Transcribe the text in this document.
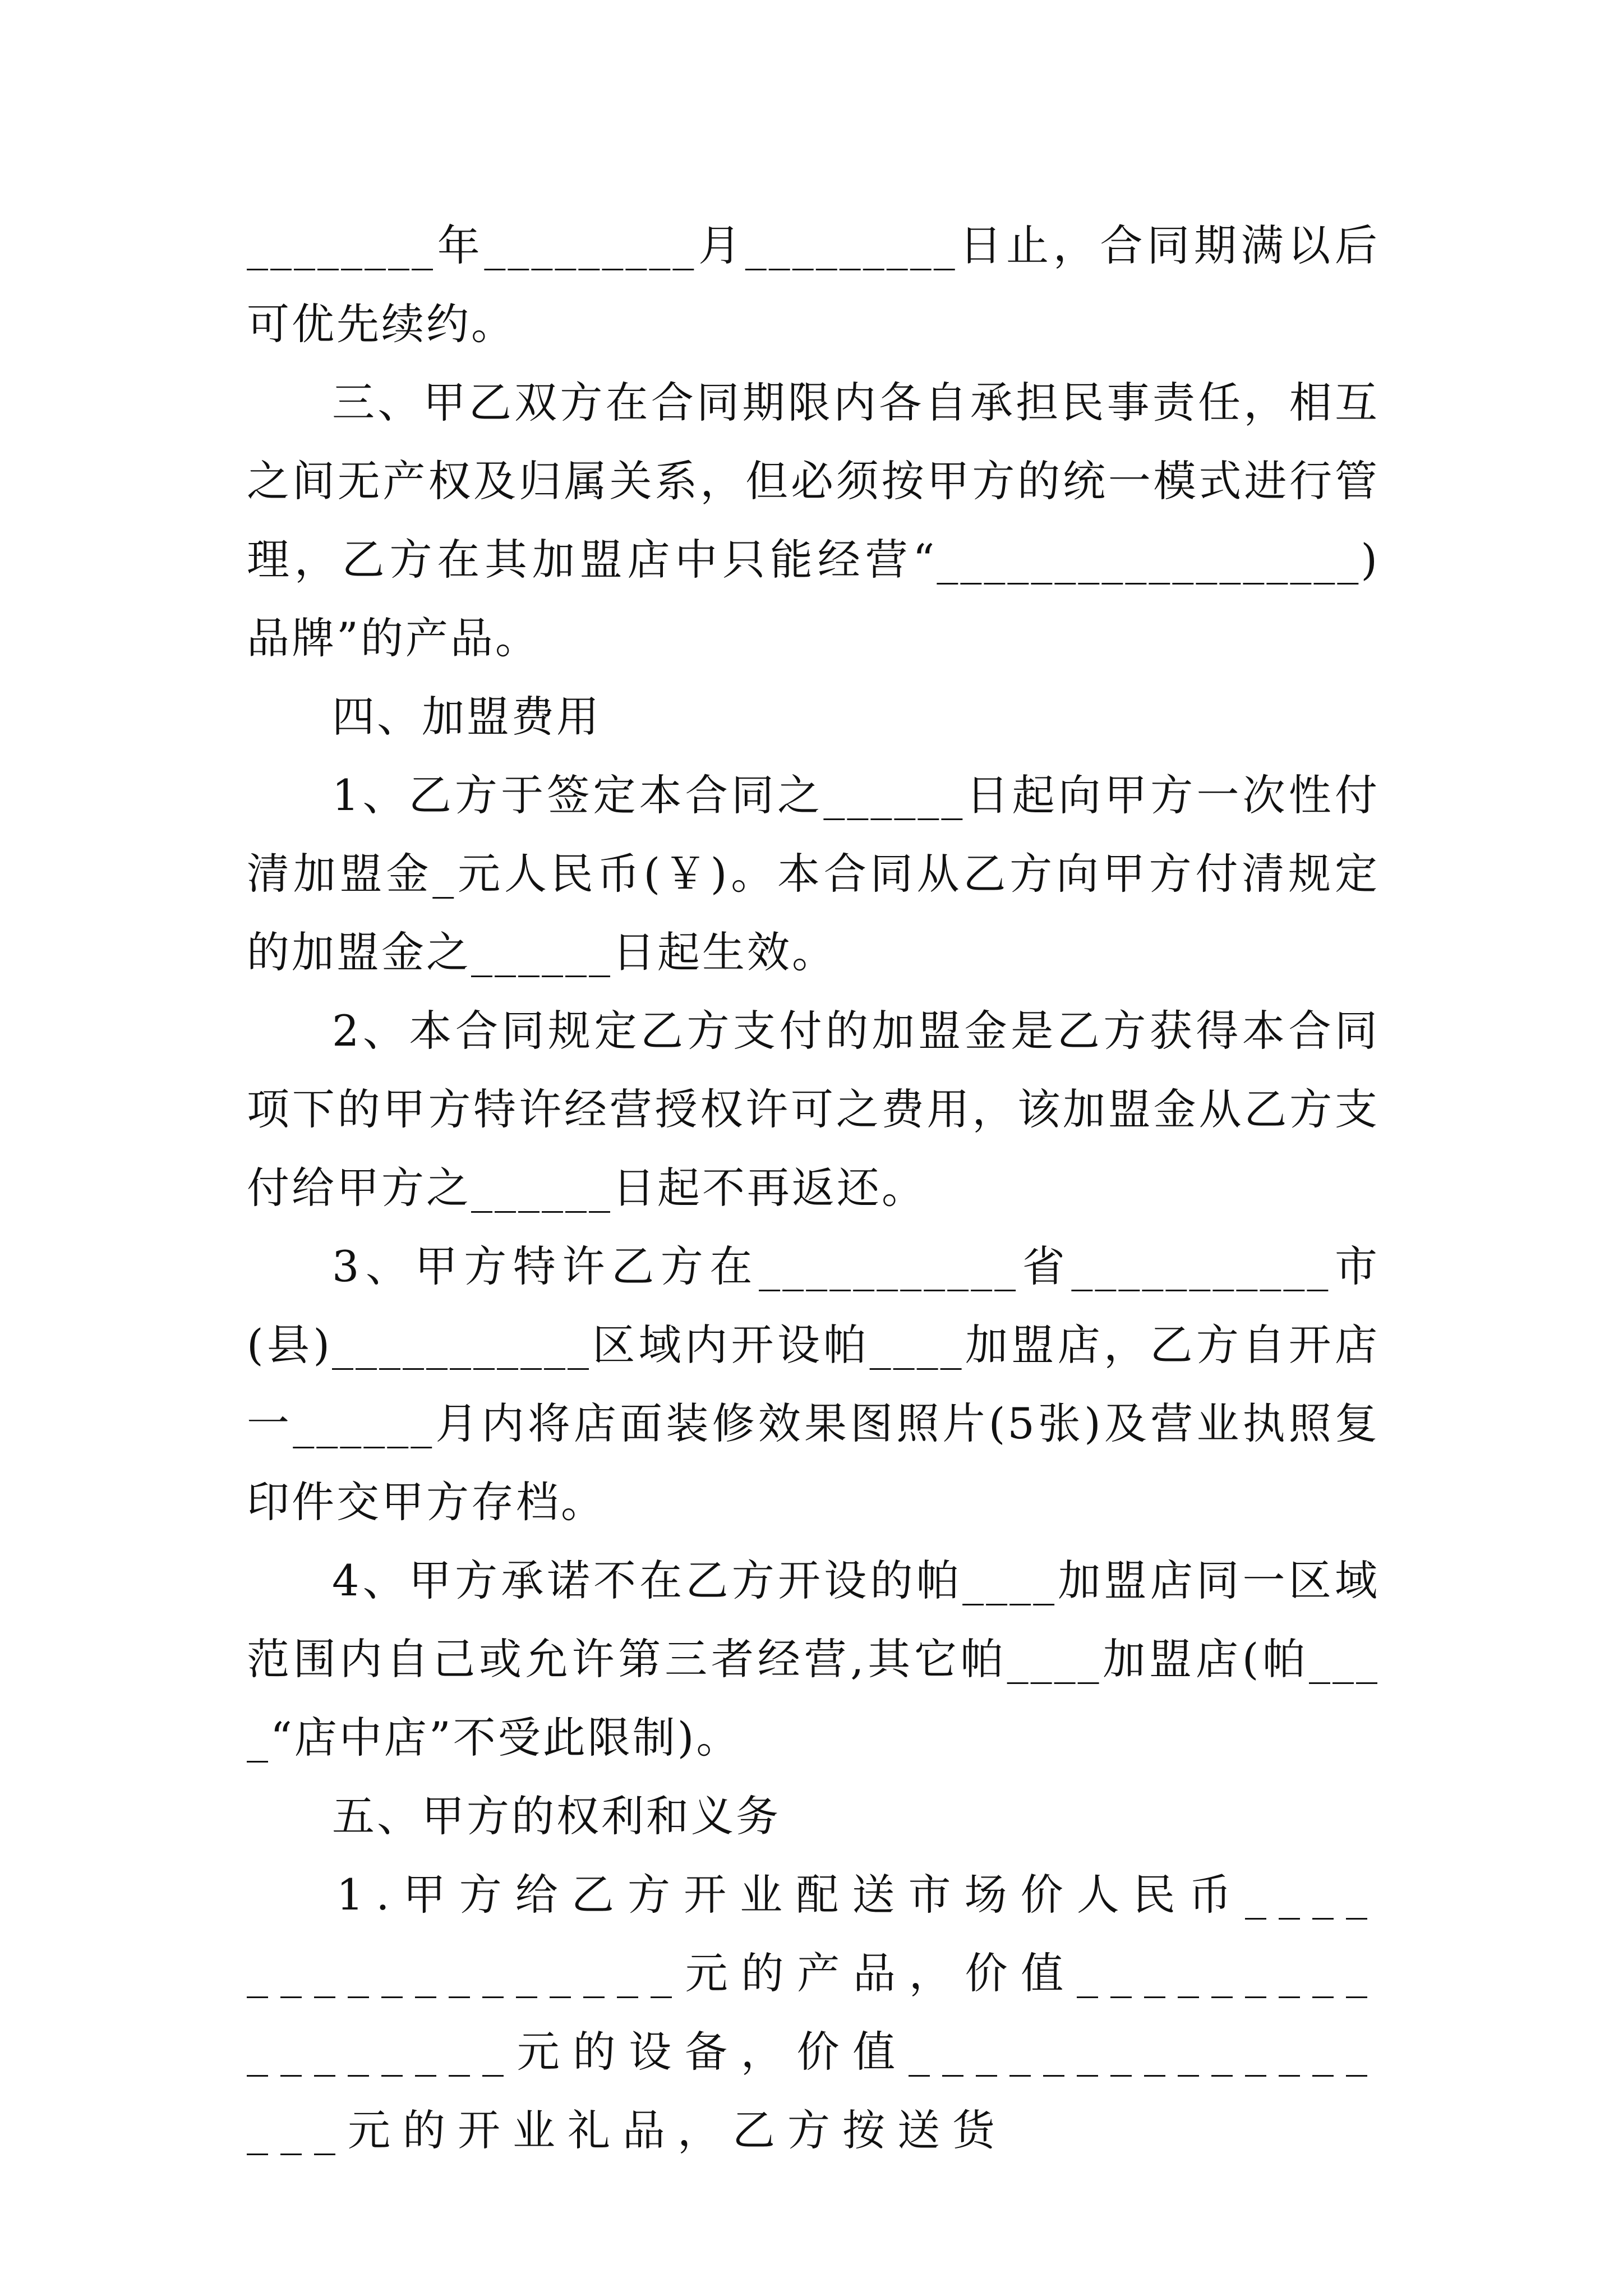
________年_________月_________日止，合同期满以后可优先续约。

三、甲乙双方在合同期限内各自承担民事责任，相互之间无产权及归属关系，但必须按甲方的统一模式进行管理，乙方在其加盟店中只能经营“__________________)品牌”的产品。

四、加盟费用

1、乙方于签定本合同之______日起向甲方一次性付清加盟金_元人民币(￥)。本合同从乙方向甲方付清规定的加盟金之______日起生效。

2、本合同规定乙方支付的加盟金是乙方获得本合同项下的甲方特许经营授权许可之费用，该加盟金从乙方支付给甲方之______日起不再返还。

3、甲方特许乙方在___________省___________市(县)___________区域内开设帕____加盟店，乙方自开店一______月内将店面装修效果图照片(5张)及营业执照复印件交甲方存档。

4、甲方承诺不在乙方开设的帕____加盟店同一区域范围内自己或允许第三者经营,其它帕____加盟店(帕____“店中店”不受此限制)。

五、甲方的权利和义务

1.甲方给乙方开业配送市场价人民币_________________元的产品，价值_________________元的设备，价值_________________元的开业礼品，乙方按送货
